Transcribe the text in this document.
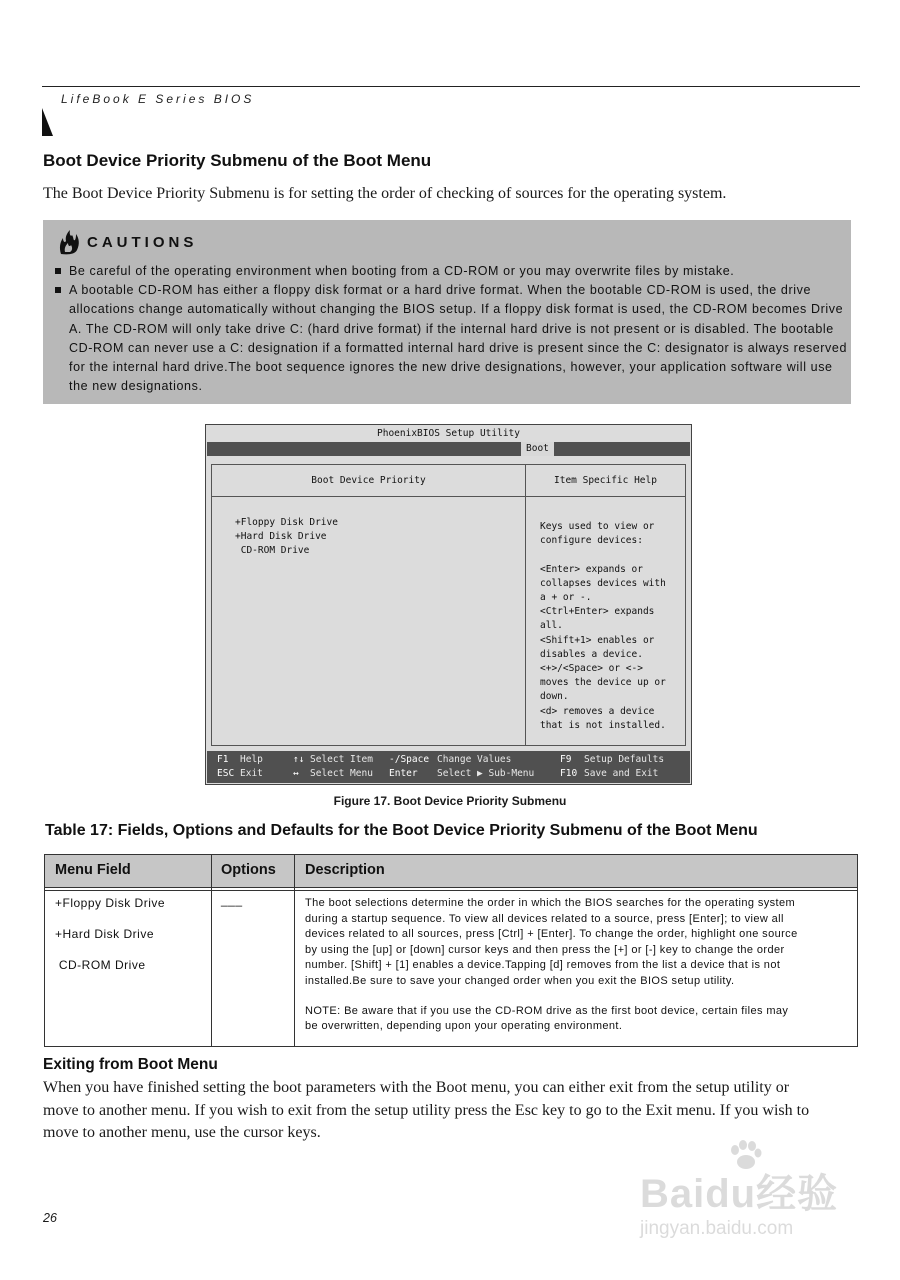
LifeBook E Series BIOS
Boot Device Priority Submenu of the Boot Menu
The Boot Device Priority Submenu is for setting the order of checking of sources for the operating system.
CAUTIONS
Be careful of the operating environment when booting from a CD-ROM or you may overwrite files by mistake.
A bootable CD-ROM has either a floppy disk format or a hard drive format. When the bootable CD-ROM is used, the drive allocations change automatically without changing the BIOS setup. If a floppy disk format is used, the CD-ROM becomes Drive A. The CD-ROM will only take drive C: (hard drive format) if the internal hard drive is not present or is disabled. The bootable CD-ROM can never use a C: designation if a formatted internal hard drive is present since the C: designator is always reserved for the internal hard drive.The boot sequence ignores the new drive designations, however, your application software will use the new designations.
PhoenixBIOS Setup Utility
Boot
Boot Device Priority	Item Specific Help
+Floppy Disk Drive
+Hard Disk Drive
CD-ROM Drive
Keys used to view or
configure devices:
<Enter> expands or
collapses devices with
a + or -.
<Ctrl+Enter> expands
all.
<Shift+1> enables or
disables a device.
<+>/<Space> or <->
moves the device up or
down.
<d> removes a device
that is not installed.
F1 Help	↑↓ Select Item -/Space Change Values	F9 Setup Defaults
ESC Exit	↔ Select Menu Enter Select ▶ Sub-Menu	F10 Save and Exit
Figure 17. Boot Device Priority Submenu
Table 17: Fields, Options and Defaults for the Boot Device Priority Submenu of the Boot Menu
Menu Field	Options Description
+Floppy Disk Drive
+Hard Disk Drive
CD-ROM Drive
___	The boot selections determine the order in which the BIOS searches for the operating system
during a startup sequence. To view all devices related to a source, press [Enter]; to view all
devices related to all sources, press [Ctrl] + [Enter]. To change the order, highlight one source
by using the [up] or [down] cursor keys and then press the [+] or [-] key to change the order
number. [Shift] + [1] enables a device.Tapping [d] removes from the list a device that is not
installed.Be sure to save your changed order when you exit the BIOS setup utility.
NOTE: Be aware that if you use the CD-ROM drive as the first boot device, certain files may
be overwritten, depending upon your operating environment.
Exiting from Boot Menu
When you have finished setting the boot parameters with the Boot menu, you can either exit from the setup utility or
move to another menu. If you wish to exit from the setup utility press the Esc key to go to the Exit menu. If you wish to
move to another menu, use the cursor keys.
26
Baidu经验
jingyan.baidu.com
